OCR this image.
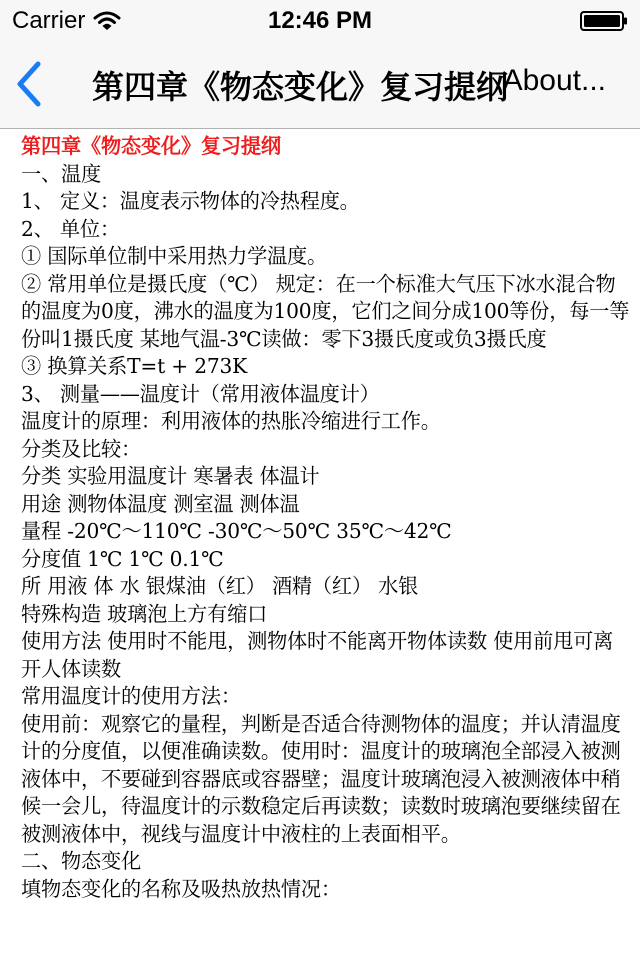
Carrier	12:46 PM
第四章《物态变化》复习提纲
About...

第四章《物态变化》复习提纲

一、温度

1、 定义：温度表示物体的冷热程度。

2、 单位：

① 国际单位制中采用热力学温度。

② 常用单位是摄氏度（℃） 规定：在一个标准大气压下冰水混合物的温度为0度，沸水的温度为100度，它们之间分成100等份，每一等份叫1摄氏度 某地气温-3℃读做：零下3摄氏度或负3摄氏度

③ 换算关系T=t + 273K

3、 测量——温度计（常用液体温度计）

温度计的原理：利用液体的热胀冷缩进行工作。

分类及比较：

分类 实验用温度计 寒暑表 体温计

用途 测物体温度 测室温 测体温

量程 -20℃～110℃ -30℃～50℃ 35℃～42℃

分度值 1℃ 1℃ 0.1℃

所 用液 体 水 银煤油（红） 酒精（红） 水银

特殊构造 玻璃泡上方有缩口

使用方法 使用时不能甩，测物体时不能离开物体读数 使用前甩可离开人体读数

常用温度计的使用方法：

使用前：观察它的量程，判断是否适合待测物体的温度；并认清温度计的分度值，以便准确读数。使用时：温度计的玻璃泡全部浸入被测液体中，不要碰到容器底或容器壁；温度计玻璃泡浸入被测液体中稍候一会儿，待温度计的示数稳定后再读数；读数时玻璃泡要继续留在被测液体中，视线与温度计中液柱的上表面相平。

二、物态变化

填物态变化的名称及吸热放热情况：
